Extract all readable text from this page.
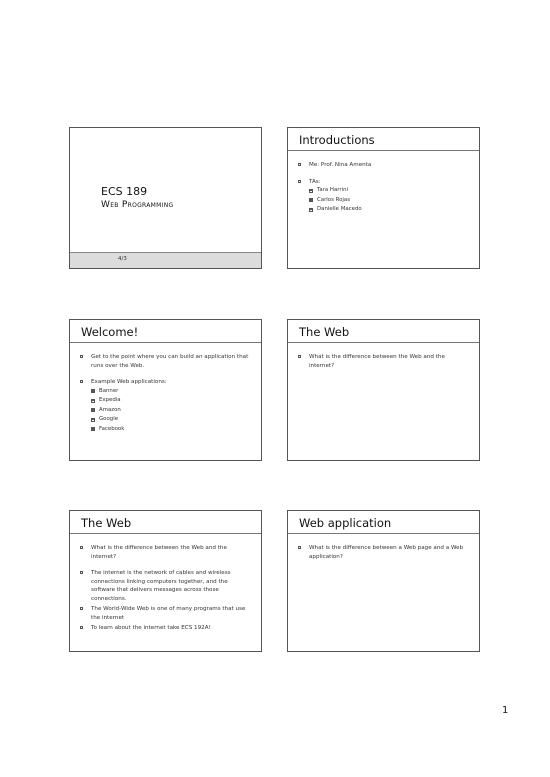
ECS 189
Web Programming
4/3
Introductions
Me: Prof. Nina Amenta
TAs:
Tara Harrini
Carlos Rojas
Danielle Macedo
Welcome!
Get to the point where you can build an application that runs over the Web.
Example Web applications:
Banner
Expedia
Amazon
Google
Facebook
The Web
What is the difference between the Web and the internet?
The Web
What is the difference between the Web and the internet?
The internet is the network of cables and wireless connections linking computers together, and the software that delivers messages across those connections.
The World-Wide Web is one of many programs that use the internet
To learn about the internet take ECS 192A!
Web application
What is the difference between a Web page and a Web application?
1
